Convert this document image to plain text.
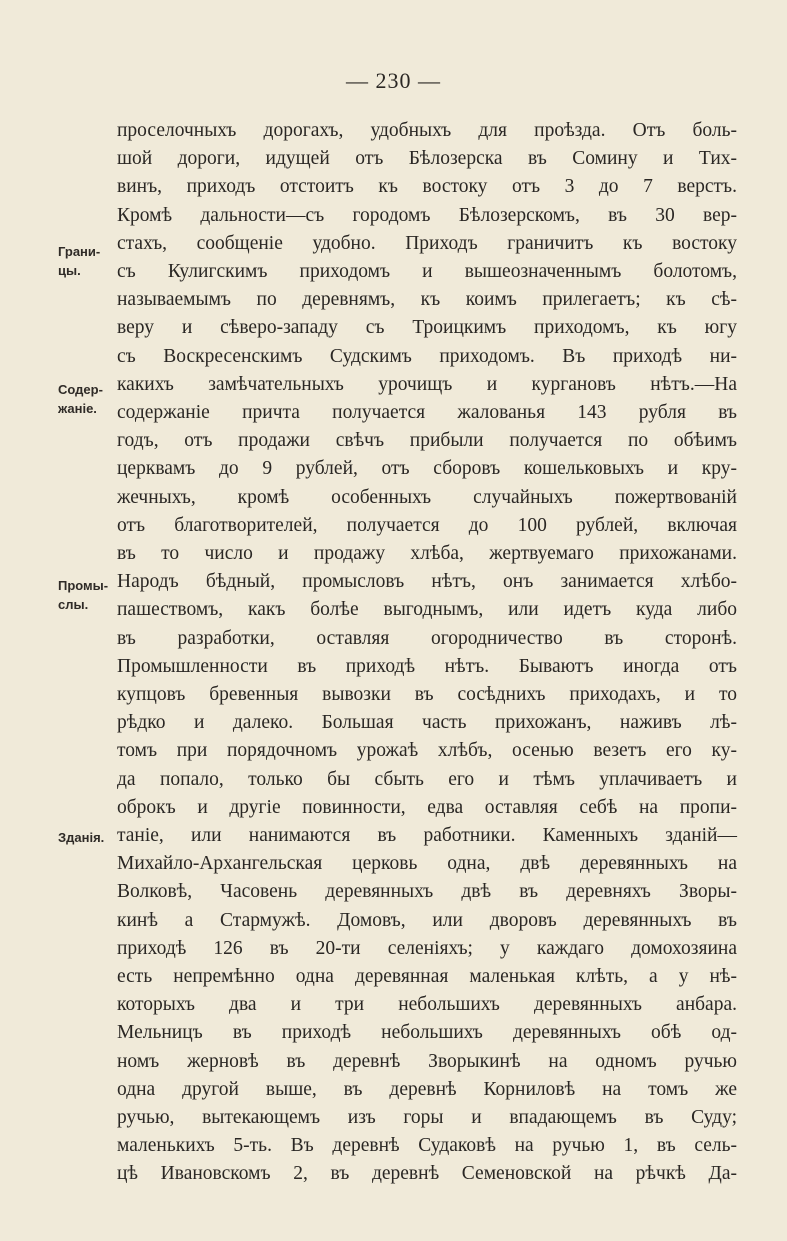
— 230 —
Грани-
цы.
Содер-
жаніе.
Промы-
слы.
Зданія.
проселочныхъ дорогахъ, удобныхъ для проѣзда. Отъ боль-
шой дороги, идущей отъ Бѣлозерска въ Сомину и Тих-
винъ, приходъ отстоитъ къ востоку отъ 3 до 7 верстъ.
Кромѣ дальности—съ городомъ Бѣлозерскомъ, въ 30 вер-
стахъ, сообщеніе удобно. Приходъ граничитъ къ востоку
съ Кулигскимъ приходомъ и вышеозначеннымъ болотомъ,
называемымъ по деревнямъ, къ коимъ прилегаетъ; къ сѣ-
веру и сѣверо-западу съ Троицкимъ приходомъ, къ югу
съ Воскресенскимъ Судскимъ приходомъ. Въ приходѣ ни-
какихъ замѣчательныхъ урочищъ и кургановъ нѣтъ.—На
содержаніе причта получается жалованья 143 рубля въ
годъ, отъ продажи свѣчъ прибыли получается по обѣимъ
церквамъ до 9 рублей, отъ сборовъ кошельковыхъ и кру-
жечныхъ, кромѣ особенныхъ случайныхъ пожертвованій
отъ благотворителей, получается до 100 рублей, включая
въ то число и продажу хлѣба, жертвуемаго прихожанами.
Народъ бѣдный, промысловъ нѣтъ, онъ занимается хлѣбо-
пашествомъ, какъ болѣе выгоднымъ, или идетъ куда либо
въ разработки, оставляя огородничество въ сторонѣ.
Промышленности въ приходѣ нѣтъ. Бываютъ иногда отъ
купцовъ бревенныя вывозки въ сосѣднихъ приходахъ, и то
рѣдко и далеко. Большая часть прихожанъ, наживъ лѣ-
томъ при порядочномъ урожаѣ хлѣбъ, осенью везетъ его ку-
да попало, только бы сбыть его и тѣмъ уплачиваетъ и
оброкъ и другіе повинности, едва оставляя себѣ на пропи-
таніе, или нанимаются въ работники. Каменныхъ зданій—
Михайло-Архангельская церковь одна, двѣ деревянныхъ на
Волковѣ, Часовень деревянныхъ двѣ въ деревняхъ Зворы-
кинѣ а Стармужѣ. Домовъ, или дворовъ деревянныхъ въ
приходѣ 126 въ 20-ти селеніяхъ; у каждаго домохозяина
есть непремѣнно одна деревянная маленькая клѣть, а у нѣ-
которыхъ два и три небольшихъ деревянныхъ анбара.
Мельницъ въ приходѣ небольшихъ деревянныхъ обѣ од-
номъ жерновѣ въ деревнѣ Зворыкинѣ на одномъ ручью
одна другой выше, въ деревнѣ Корниловѣ на томъ же
ручью, вытекающемъ изъ горы и впадающемъ въ Суду;
маленькихъ 5-ть. Въ деревнѣ Судаковѣ на ручью 1, въ сель-
цѣ Ивановскомъ 2, въ деревнѣ Семеновской на рѣчкѣ Да-
